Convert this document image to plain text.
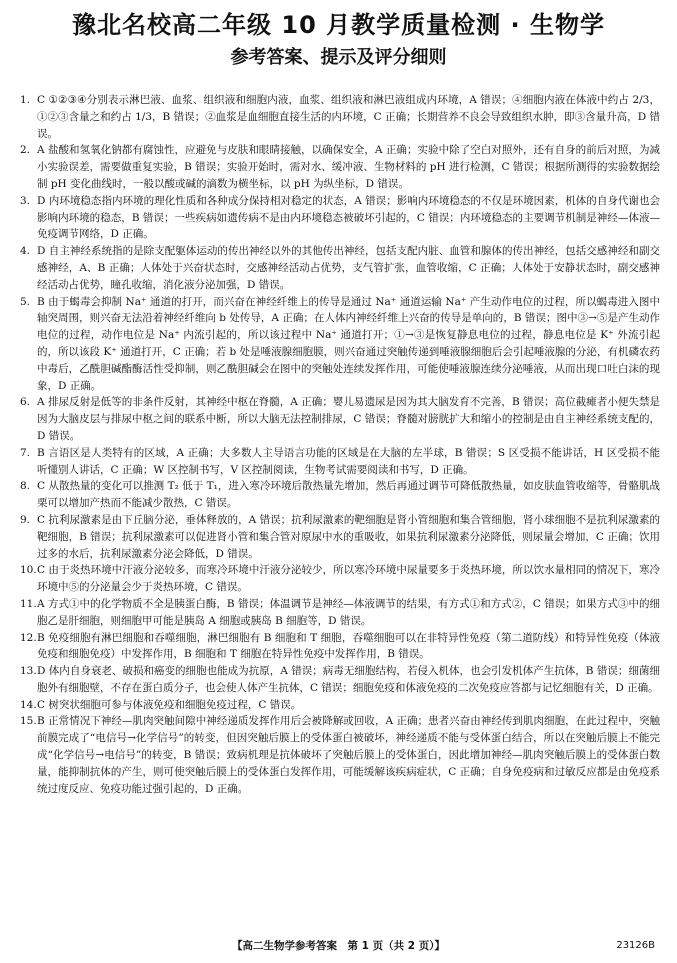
豫北名校高二年级 10 月教学质量检测 · 生物学
参考答案、提示及评分细则

1. C ①②③④分别表示淋巴液、血浆、组织液和细胞内液，血浆、组织液和淋巴液组成内环境，A 错误；④细胞内液在体液中约占 2/3，①②③含量之和约占 1/3，B 错误；②血浆是血细胞直接生活的内环境，C 正确；长期营养不良会导致组织水肿，即③含量升高，D 错误。

2. A 盐酸和氢氧化钠都有腐蚀性，应避免与皮肤和眼睛接触，以确保安全，A 正确；实验中除了空白对照外，还有自身的前后对照，为减小实验误差，需要做重复实验，B 错误；实验开始时，需对水、缓冲液、生物材料的 pH 进行检测，C 错误；根据所测得的实验数据绘制 pH 变化曲线时，一般以酸或碱的滴数为横坐标，以 pH 为纵坐标，D 错误。

3. D 内环境稳态指内环境的理化性质和各种成分保持相对稳定的状态，A 错误；影响内环境稳态的不仅是环境因素，机体的自身代谢也会影响内环境的稳态，B 错误；一些疾病如遗传病不是由内环境稳态被破坏引起的，C 错误；内环境稳态的主要调节机制是神经—体液—免疫调节网络，D 正确。

4. D 自主神经系统指的是除支配躯体运动的传出神经以外的其他传出神经，包括支配内脏、血管和腺体的传出神经，包括交感神经和副交感神经，A、B 正确；人体处于兴奋状态时，交感神经活动占优势，支气管扩张，血管收缩，C 正确；人体处于安静状态时，副交感神经活动占优势，瞳孔收缩，消化液分泌加强，D 错误。

5. B 由于蝎毒会抑制 Na⁺ 通道的打开，而兴奋在神经纤维上的传导是通过 Na⁺ 通道运输 Na⁺ 产生动作电位的过程，所以蝎毒进入图中轴突周围，则兴奋无法沿着神经纤维向 b 处传导，A 正确；在人体内神经纤维上兴奋的传导是单向的，B 错误；图中③→⑤是产生动作电位的过程，动作电位是 Na⁺ 内流引起的，所以该过程中 Na⁺ 通道打开；①→③是恢复静息电位的过程，静息电位是 K⁺ 外流引起的，所以该段 K⁺ 通道打开，C 正确；若 b 处是唾液腺细胞膜，则兴奋通过突触传递到唾液腺细胞后会引起唾液腺的分泌，有机磷农药中毒后，乙酰胆碱酯酶活性受抑制，则乙酰胆碱会在图中的突触处连续发挥作用，可能使唾液腺连续分泌唾液，从而出现口吐白沫的现象，D 正确。

6. A 排尿反射是低等的非条件反射，其神经中枢在脊髓，A 正确；婴儿易遗尿是因为其大脑发育不完善，B 错误；高位截瘫者小便失禁是因为大脑皮层与排尿中枢之间的联系中断，所以大脑无法控制排尿，C 错误；脊髓对膀胱扩大和缩小的控制是由自主神经系统支配的，D 错误。

7. B 言语区是人类特有的区域，A 正确；大多数人主导语言功能的区域是在大脑的左半球，B 错误；S 区受损不能讲话，H 区受损不能听懂别人讲话，C 正确；W 区控制书写，V 区控制阅读，生物考试需要阅读和书写，D 正确。

8. C 从散热量的变化可以推测 T₂ 低于 T₁，进入寒冷环境后散热量先增加，然后再通过调节可降低散热量，如皮肤血管收缩等，骨骼肌战栗可以增加产热而不能减少散热，C 错误。

9. C 抗利尿激素是由下丘脑分泌，垂体释放的，A 错误；抗利尿激素的靶细胞是肾小管细胞和集合管细胞，肾小球细胞不是抗利尿激素的靶细胞，B 错误；抗利尿激素可以促进肾小管和集合管对原尿中水的重吸收，如果抗利尿激素分泌降低，则尿量会增加，C 正确；饮用过多的水后，抗利尿激素分泌会降低，D 错误。

10. C 由于炎热环境中汗液分泌较多，而寒冷环境中汗液分泌较少，所以寒冷环境中尿量要多于炎热环境，所以饮水量相同的情况下，寒冷环境中⑤的分泌量会少于炎热环境，C 错误。

11. A 方式①中的化学物质不全是胰蛋白酶，B 错误；体温调节是神经—体液调节的结果，有方式①和方式②，C 错误；如果方式③中的细胞乙是肝细胞，则细胞甲可能是胰岛 A 细胞或胰岛 B 细胞等，D 错误。

12. B 免疫细胞有淋巴细胞和吞噬细胞，淋巴细胞有 B 细胞和 T 细胞，吞噬细胞可以在非特异性免疫（第二道防线）和特异性免疫（体液免疫和细胞免疫）中发挥作用，B 细胞和 T 细胞在特异性免疫中发挥作用，B 错误。

13. D 体内自身衰老、破损和癌变的细胞也能成为抗原，A 错误；病毒无细胞结构，若侵入机体，也会引发机体产生抗体，B 错误；细菌细胞外有细胞壁，不存在蛋白质分子，也会使人体产生抗体，C 错误；细胞免疫和体液免疫的二次免疫应答都与记忆细胞有关，D 正确。

14. C 树突状细胞可参与体液免疫和细胞免疫过程，C 错误。

15. B 正常情况下神经—肌肉突触间隙中神经递质发挥作用后会被降解或回收，A 正确；患者兴奋由神经传到肌肉细胞，在此过程中，突触前膜完成了“电信号→化学信号”的转变，但因突触后膜上的受体蛋白被破坏，神经递质不能与受体蛋白结合，所以在突触后膜上不能完成“化学信号→电信号”的转变，B 错误；致病机理是抗体破坏了突触后膜上的受体蛋白，因此增加神经—肌肉突触后膜上的受体蛋白数量，能抑制抗体的产生，则可使突触后膜上的受体蛋白发挥作用，可能缓解该疾病症状，C 正确；自身免疫病和过敏反应都是由免疫系统过度反应、免疫功能过强引起的，D 正确。

【高二生物学参考答案　第 1 页（共 2 页）】	23126B
